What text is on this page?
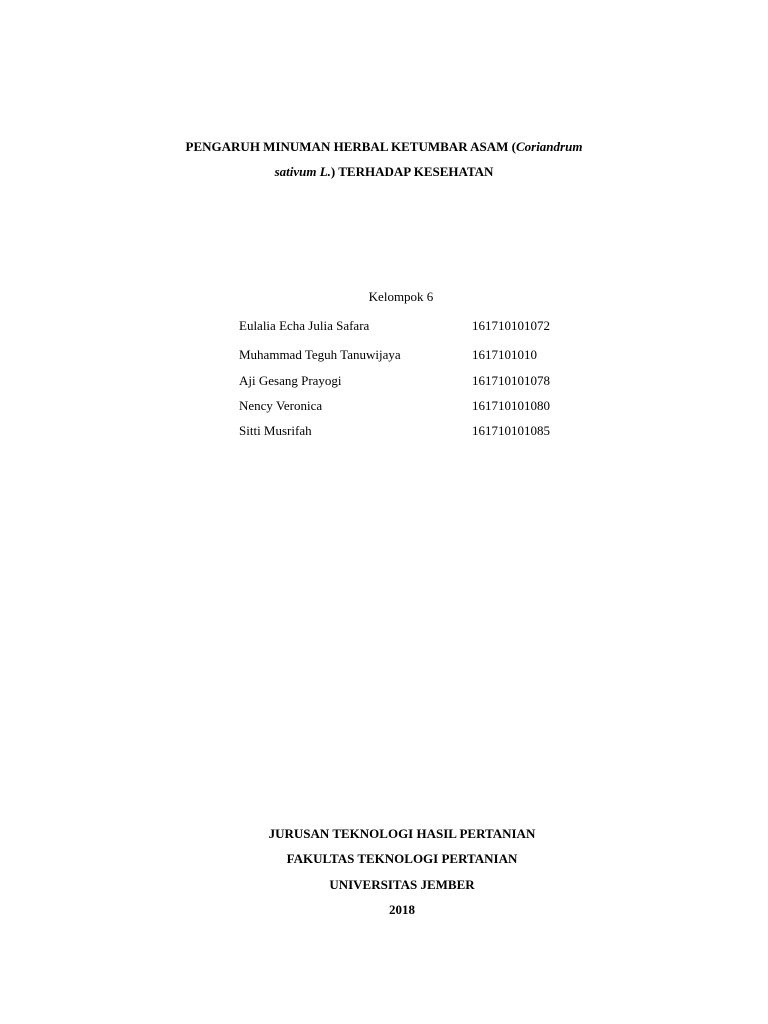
PENGARUH MINUMAN HERBAL KETUMBAR ASAM (Coriandrum
sativum L.) TERHADAP KESEHATAN
Kelompok 6
Eulalia Echa Julia Safara	161710101072
Muhammad Teguh Tanuwijaya	1617101010
Aji Gesang Prayogi	161710101078
Nency Veronica	161710101080
Sitti Musrifah	161710101085
JURUSAN TEKNOLOGI HASIL PERTANIAN
FAKULTAS TEKNOLOGI PERTANIAN
UNIVERSITAS JEMBER
2018
